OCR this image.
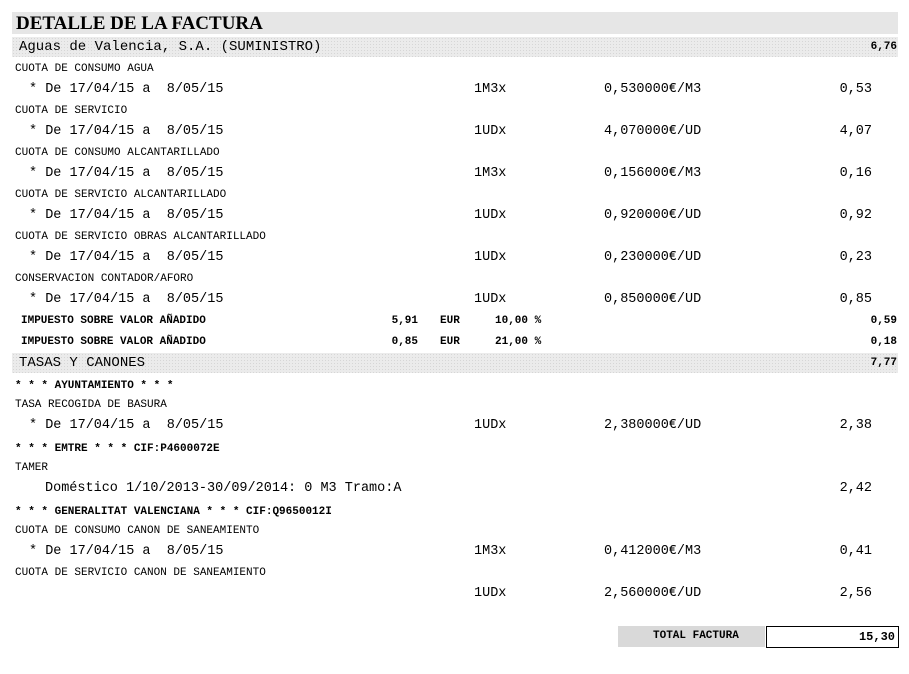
DETALLE DE LA FACTURA
Aguas de Valencia, S.A. (SUMINISTRO)	6,76
CUOTA DE CONSUMO AGUA
* De 17/04/15 a  8/05/15	1M3x	0,530000€/M3	0,53
CUOTA DE SERVICIO
* De 17/04/15 a  8/05/15	1UDx	4,070000€/UD	4,07
CUOTA DE CONSUMO ALCANTARILLADO
* De 17/04/15 a  8/05/15	1M3x	0,156000€/M3	0,16
CUOTA DE SERVICIO ALCANTARILLADO
* De 17/04/15 a  8/05/15	1UDx	0,920000€/UD	0,92
CUOTA DE SERVICIO OBRAS ALCANTARILLADO
* De 17/04/15 a  8/05/15	1UDx	0,230000€/UD	0,23
CONSERVACION CONTADOR/AFORO
* De 17/04/15 a  8/05/15	1UDx	0,850000€/UD	0,85
IMPUESTO SOBRE VALOR AÑADIDO	5,91 EUR	10,00 %	0,59
IMPUESTO SOBRE VALOR AÑADIDO	0,85 EUR	21,00 %	0,18
TASAS Y CANONES	7,77
* * * AYUNTAMIENTO * * *
TASA RECOGIDA DE BASURA
* De 17/04/15 a  8/05/15	1UDx	2,380000€/UD	2,38
* * * EMTRE * * * CIF:P4600072E
TAMER
Doméstico 1/10/2013-30/09/2014: 0 M3 Tramo:A	2,42
* * * GENERALITAT VALENCIANA * * * CIF:Q9650012I
CUOTA DE CONSUMO CANON DE SANEAMIENTO
* De 17/04/15 a  8/05/15	1M3x	0,412000€/M3	0,41
CUOTA DE SERVICIO CANON DE SANEAMIENTO
1UDx	2,560000€/UD	2,56
TOTAL FACTURA	15,30
